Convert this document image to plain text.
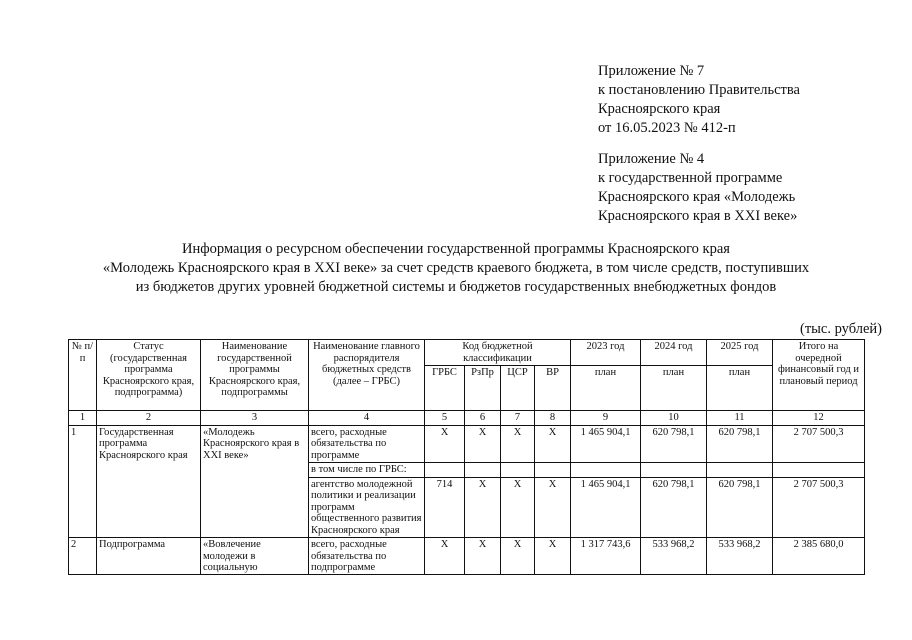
Приложение № 7
к постановлению Правительства
Красноярского края
от 16.05.2023 № 412-п
Приложение № 4
к государственной программе
Красноярского края «Молодежь
Красноярского края в XXI веке»
Информация о ресурсном обеспечении государственной программы Красноярского края
«Молодежь Красноярского края в XXI веке» за счет средств краевого бюджета, в том числе средств, поступивших
из бюджетов других уровней бюджетной системы и бюджетов государственных внебюджетных фондов
(тыс. рублей)
№ п/п	Статус (государственная программа Красноярского края, подпрограмма)	Наименование государственной программы Красноярского края, подпрограммы	Наименование главного распорядителя бюджетных средств (далее – ГРБС)	Код бюджетной классификации				2023 год	2024 год	2025 год	Итого на очередной финансовый год и плановый период
				ГРБС	РзПр	ЦСР	ВР	план	план	план	
1	2	3	4	5	6	7	8	9	10	11	12
1	Государственная программа Красноярского края	«Молодежь Красноярского края в XXI веке»	всего, расходные обязательства по программе	Х	Х	Х	Х	1 465 904,1	620 798,1	620 798,1	2 707 500,3
			в том числе по ГРБС:								
			агентство молодежной политики и реализации программ общественного развития Красноярского края	714	Х	Х	Х	1 465 904,1	620 798,1	620 798,1	2 707 500,3
2	Подпрограмма	«Вовлечение молодежи в социальную	всего, расходные обязательства по подпрограмме	Х	Х	Х	Х	1 317 743,6	533 968,2	533 968,2	2 385 680,0
